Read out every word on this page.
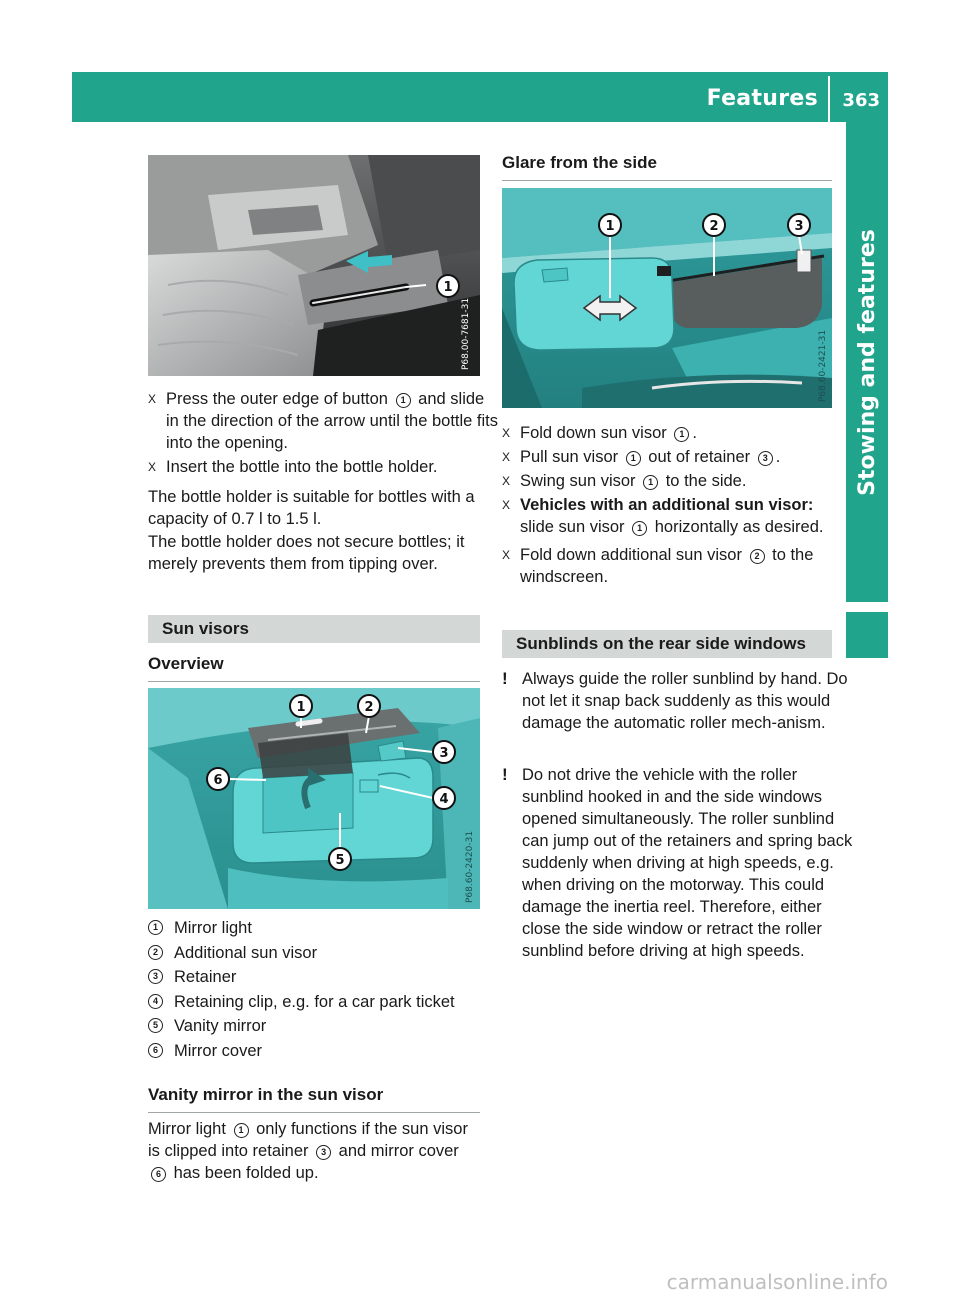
Features 363
Stowing and features
1
P68.00-7681-31
X Press the outer edge of button 1 and slide in the direction of the arrow until the bottle fits into the opening.
X Insert the bottle into the bottle holder.
The bottle holder is suitable for bottles with a capacity of 0.7 l to 1.5 l.
The bottle holder does not secure bottles; it merely prevents them from tipping over.
Sun visors
Overview
1	2
3
4
5
6
P68.60-2420-31
1 Mirror light
2 Additional sun visor
3 Retainer
4 Retaining clip, e.g. for a car park ticket
5 Vanity mirror
6 Mirror cover
Vanity mirror in the sun visor
Mirror light 1 only functions if the sun visor is clipped into retainer 3 and mirror cover 6 has been folded up.
Glare from the side
1	2	3
P68.60-2421-31
X Fold down sun visor 1 .
X Pull sun visor 1 out of retainer 3 .
X Swing sun visor 1 to the side.
X Vehicles with an additional sun visor:
slide sun visor 1 horizontally as desired.
X Fold down additional sun visor 2 to the windscreen.
Sunblinds on the rear side windows
! Always guide the roller sunblind by hand. Do not let it snap back suddenly as this would damage the automatic roller mech-anism.
! Do not drive the vehicle with the roller sunblind hooked in and the side windows opened simultaneously. The roller sunblind can jump out of the retainers and spring back suddenly when driving at high speeds, e.g. when driving on the motorway. This could damage the inertia reel. Therefore, either close the side window or retract the roller sunblind before driving at high speeds.
carmanualsonline.info
